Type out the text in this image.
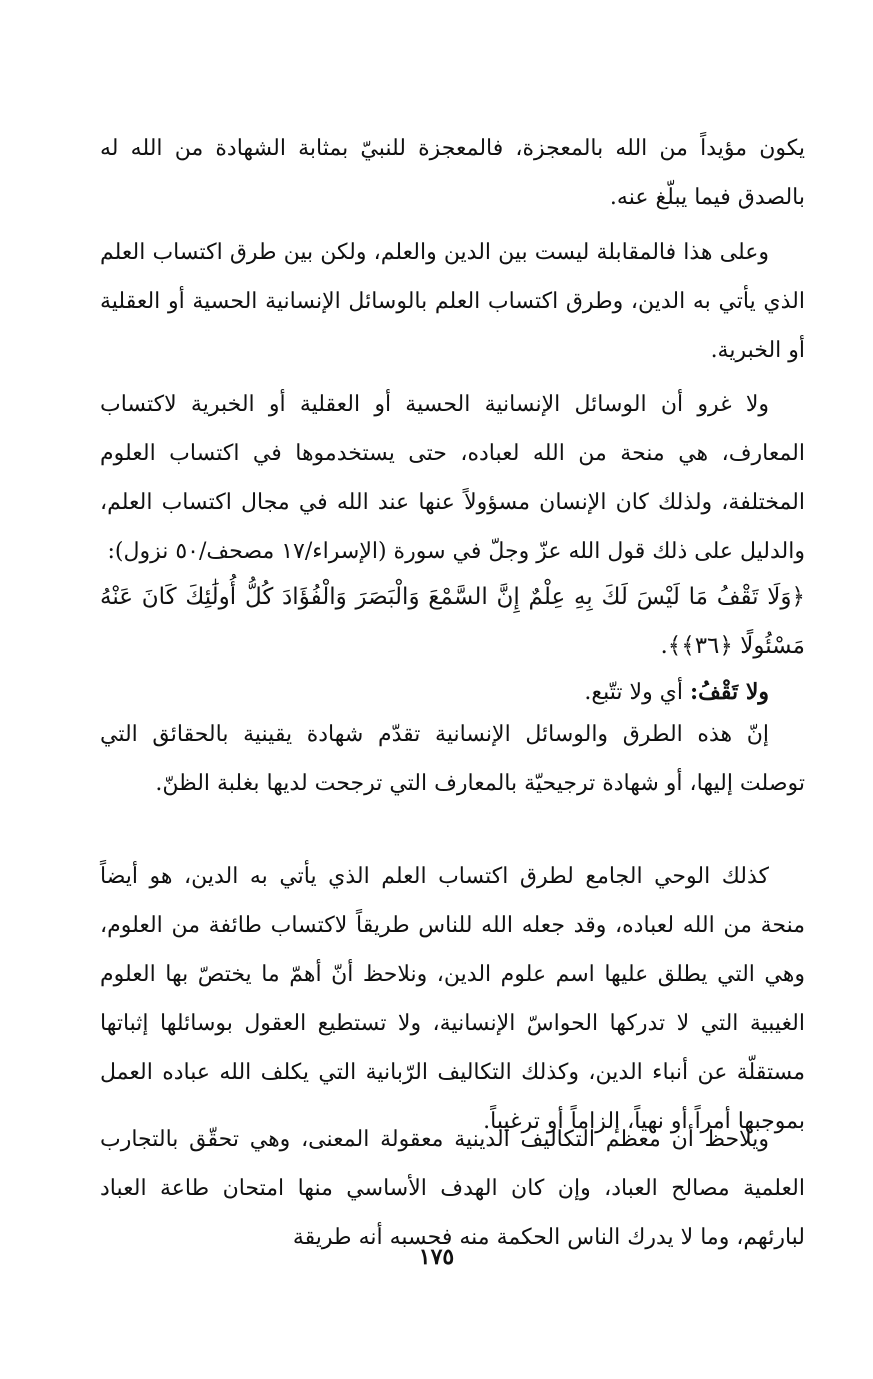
يكون مؤيداً من الله بالمعجزة، فالمعجزة للنبيّ بمثابة الشهادة من الله له بالصدق فيما يبلّغ عنه.

وعلى هذا فالمقابلة ليست بين الدين والعلم، ولكن بين طرق اكتساب العلم الذي يأتي به الدين، وطرق اكتساب العلم بالوسائل الإنسانية الحسية أو العقلية أو الخبرية.

ولا غرو أن الوسائل الإنسانية الحسية أو العقلية أو الخبرية لاكتساب المعارف، هي منحة من الله لعباده، حتى يستخدموها في اكتساب العلوم المختلفة، ولذلك كان الإنسان مسؤولاً عنها عند الله في مجال اكتساب العلم، والدليل على ذلك قول الله عزّ وجلّ في سورة (الإسراء/١٧ مصحف/٥٠ نزول):

﴿وَلَا تَقْفُ مَا لَيْسَ لَكَ بِهِ عِلْمٌ إِنَّ السَّمْعَ وَالْبَصَرَ وَالْفُؤَادَ كُلُّ أُولَٰئِكَ كَانَ عَنْهُ مَسْئُولًا ﴿٣٦﴾﴾.

ولا تَقْفُ: أي ولا تتّبع.

إنّ هذه الطرق والوسائل الإنسانية تقدّم شهادة يقينية بالحقائق التي توصلت إليها، أو شهادة ترجيحيّة بالمعارف التي ترجحت لديها بغلبة الظنّ.

كذلك الوحي الجامع لطرق اكتساب العلم الذي يأتي به الدين، هو أيضاً منحة من الله لعباده، وقد جعله الله للناس طريقاً لاكتساب طائفة من العلوم، وهي التي يطلق عليها اسم علوم الدين، ونلاحظ أنّ أهمّ ما يختصّ بها العلوم الغيبية التي لا تدركها الحواسّ الإنسانية، ولا تستطيع العقول بوسائلها إثباتها مستقلّة عن أنباء الدين، وكذلك التكاليف الرّبانية التي يكلف الله عباده العمل بموجبها أمراً أو نهياً، إلزاماً أو ترغيباً.

ويلاحظ أن معظم التكاليف الدينية معقولة المعنى، وهي تحقّق بالتجارب العلمية مصالح العباد، وإن كان الهدف الأساسي منها امتحان طاعة العباد لبارئهم، وما لا يدرك الناس الحكمة منه فحسبه أنه طريقة

١٧٥
